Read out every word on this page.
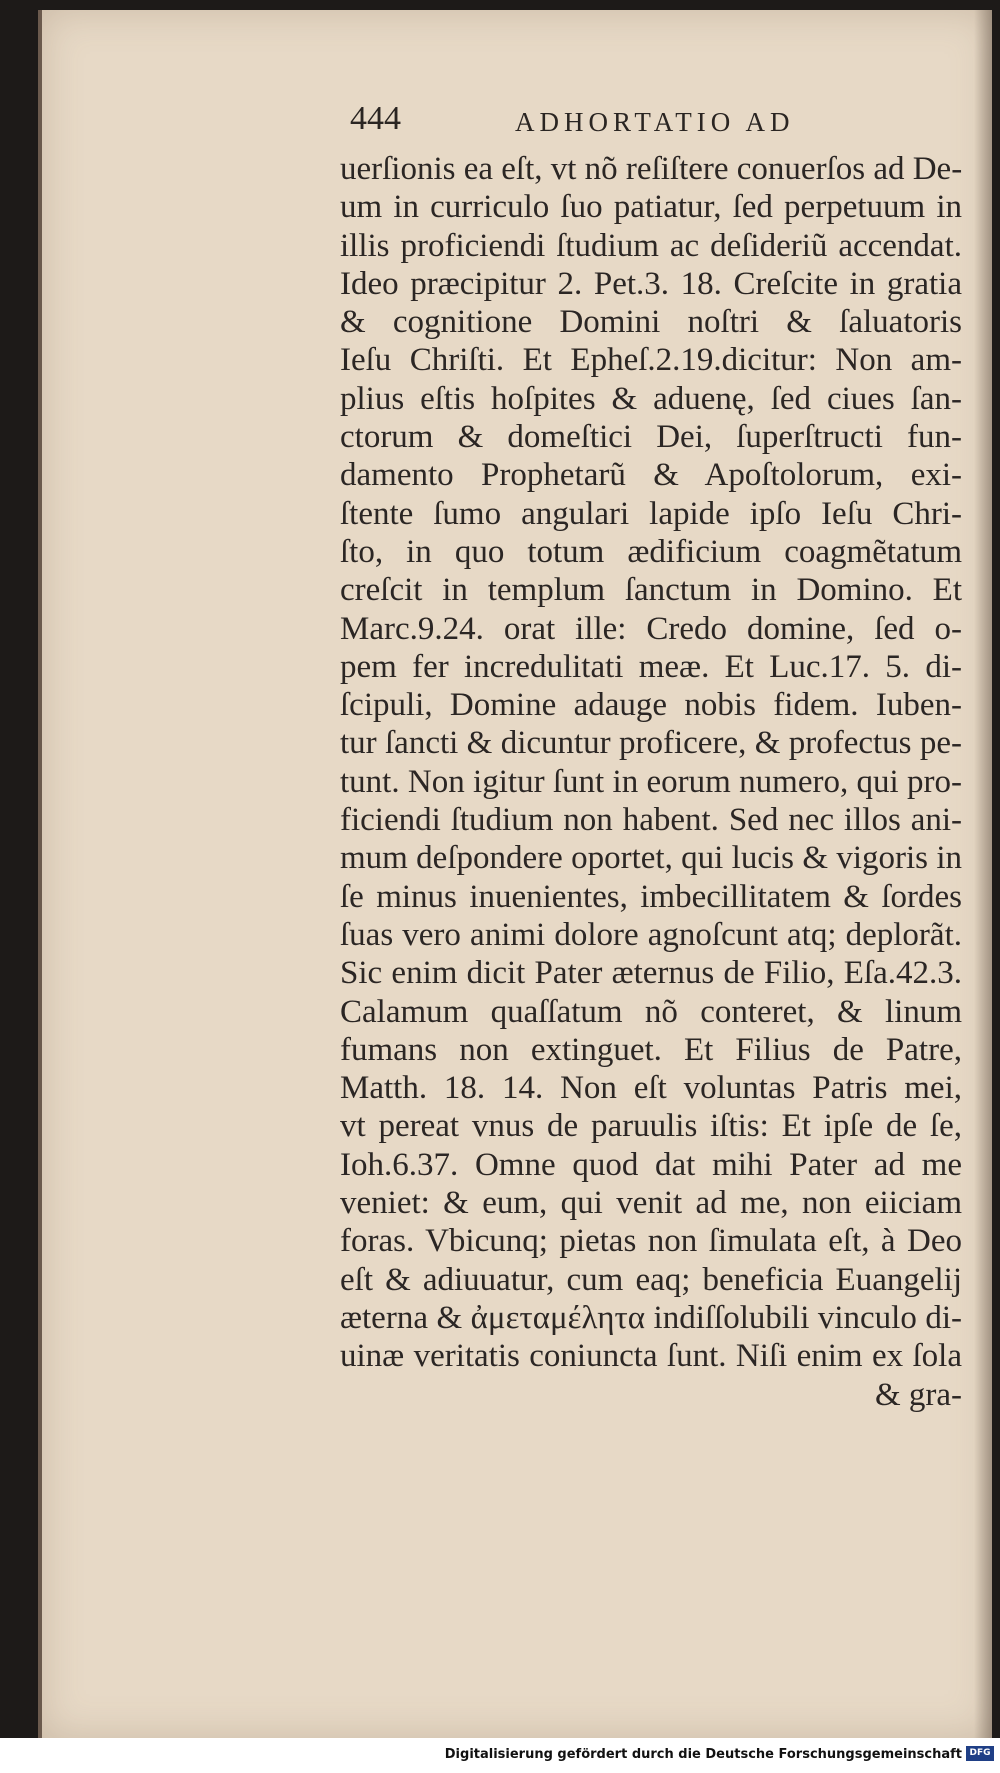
444	ADHORTATIO AD
uerſionis ea eſt, vt nõ reſiſtere conuerſos ad De-
um in curriculo ſuo patiatur, ſed perpetuum in
illis proficiendi ſtudium ac deſideriũ accendat.
Ideo præcipitur 2. Pet.3. 18. Creſcite in gratia
& cognitione Domini noſtri & ſaluatoris
Ieſu Chriſti. Et Epheſ.2.19.dicitur: Non am-
plius eſtis hoſpites & aduenę, ſed ciues ſan-
ctorum & domeſtici Dei, ſuperſtructi fun-
damento Prophetarũ & Apoſtolorum, exi-
ſtente ſumo angulari lapide ipſo Ieſu Chri-
ſto, in quo totum ædificium coagmẽtatum
creſcit in templum ſanctum in Domino. Et
Marc.9.24. orat ille: Credo domine, ſed o-
pem fer incredulitati meæ. Et Luc.17. 5. di-
ſcipuli, Domine adauge nobis fidem. Iuben-
tur ſancti & dicuntur proficere, & profectus pe-
tunt. Non igitur ſunt in eorum numero, qui pro-
ficiendi ſtudium non habent. Sed nec illos ani-
mum deſpondere oportet, qui lucis & vigoris in
ſe minus inuenientes, imbecillitatem & ſordes
ſuas vero animi dolore agnoſcunt atq; deplorãt.
Sic enim dicit Pater æternus de Filio, Eſa.42.3.
Calamum quaſſatum nõ conteret, & linum
fumans non extinguet. Et Filius de Patre,
Matth. 18. 14. Non eſt voluntas Patris mei,
vt pereat vnus de paruulis iſtis: Et ipſe de ſe,
Ioh.6.37. Omne quod dat mihi Pater ad me
veniet: & eum, qui venit ad me, non eiiciam
foras. Vbicunq; pietas non ſimulata eſt, à Deo
eſt & adiuuatur, cum eaq; beneficia Euangelij
æterna & ἀμεταμέλητα indiſſolubili vinculo di-
uinæ veritatis coniuncta ſunt. Niſi enim ex ſola
& gra-
Digitalisierung gefördert durch die Deutsche Forschungsgemeinschaft DFG
